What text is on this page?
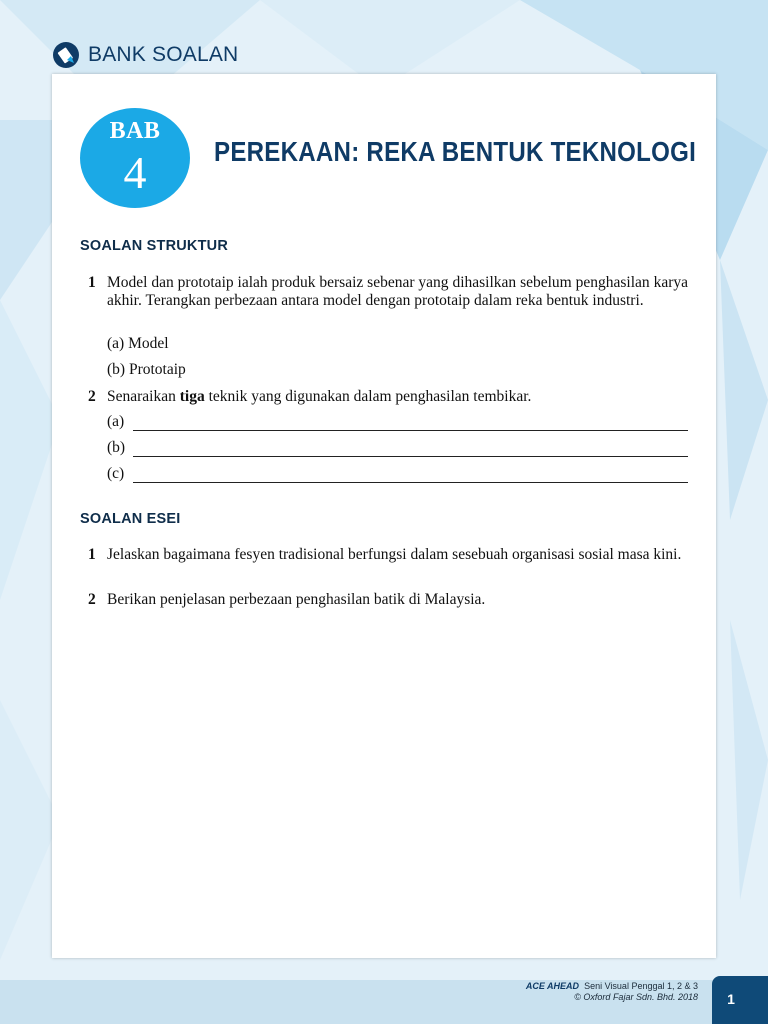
BANK SOALAN
BAB
4	PEREKAAN: REKA BENTUK TEKNOLOGI
SOALAN STRUKTUR
1 Model dan prototaip ialah produk bersaiz sebenar yang dihasilkan sebelum penghasilan karya akhir. Terangkan perbezaan antara model dengan prototaip dalam reka bentuk industri.
(a) Model
(b) Prototaip
2 Senaraikan tiga teknik yang digunakan dalam penghasilan tembikar.
(a)
(b)
(c)
SOALAN ESEI
1 Jelaskan bagaimana fesyen tradisional berfungsi dalam sesebuah organisasi sosial masa kini.
2 Berikan penjelasan perbezaan penghasilan batik di Malaysia.
ACE AHEAD Seni Visual Penggal 1, 2 & 3
© Oxford Fajar Sdn. Bhd. 2018	1
